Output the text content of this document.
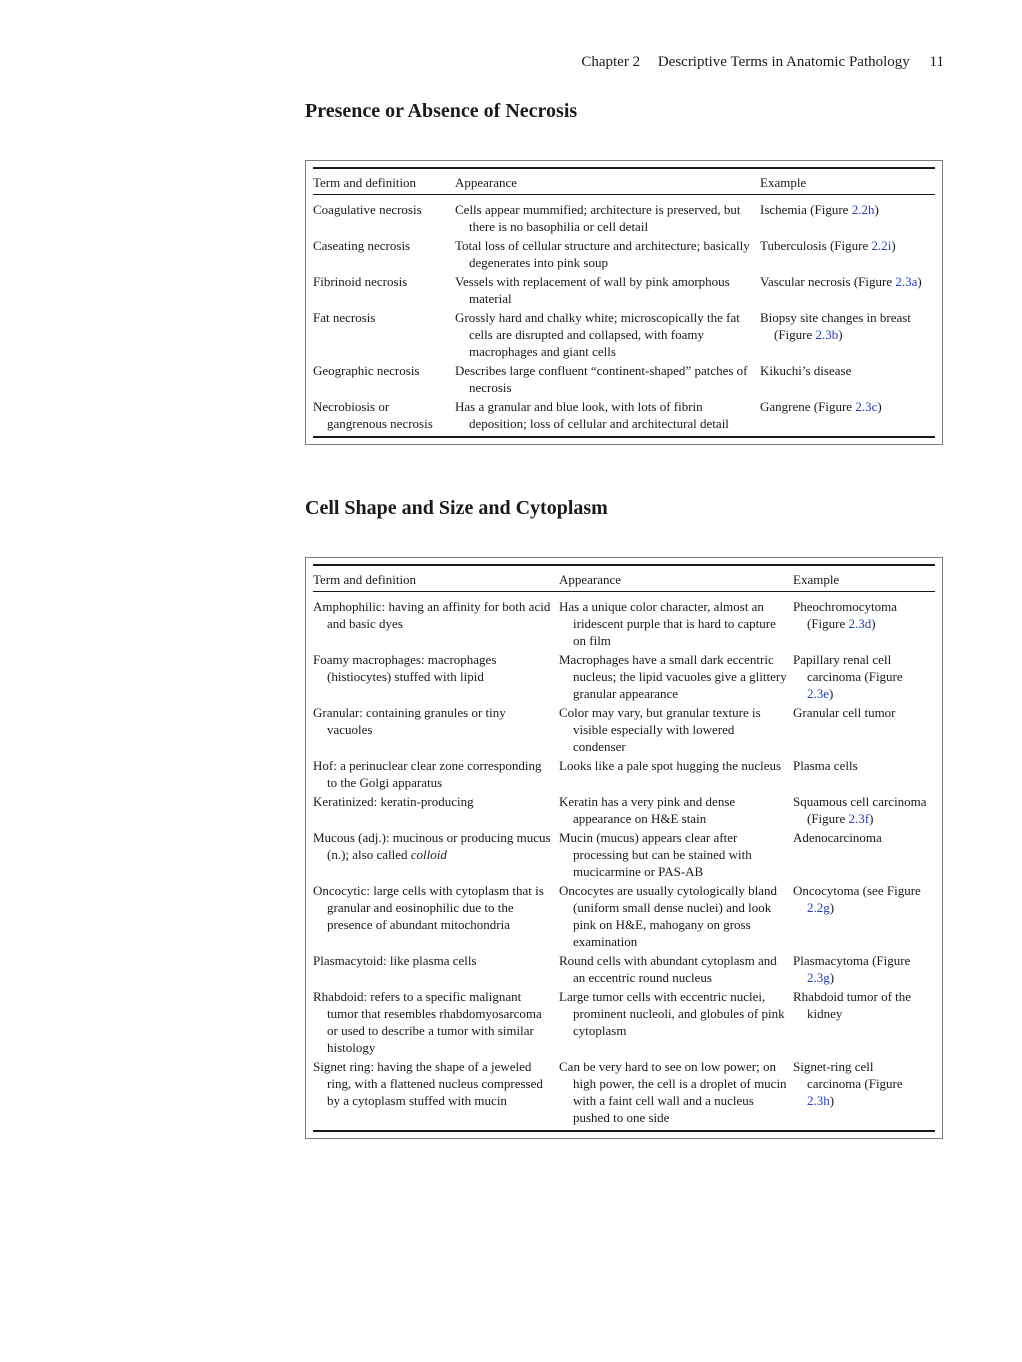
Chapter 2 Descriptive Terms in Anatomic Pathology 11
Presence or Absence of Necrosis
Term and definition	Appearance	Example

Coagulative necrosis	Cells appear mummified; architecture is preserved, but there is no basophilia or cell detail	Ischemia (Figure 2.2h)

Caseating necrosis	Total loss of cellular structure and architecture; basically degenerates into pink soup	Tuberculosis (Figure 2.2i)

Fibrinoid necrosis	Vessels with replacement of wall by pink amorphous material	Vascular necrosis (Figure 2.3a)

Fat necrosis	Grossly hard and chalky white; microscopically the fat cells are disrupted and collapsed, with foamy macrophages and giant cells	Biopsy site changes in breast (Figure 2.3b)

Geographic necrosis	Describes large confluent “continent-shaped” patches of necrosis	Kikuchi’s disease

Necrobiosis or gangrenous necrosis	Has a granular and blue look, with lots of fibrin deposition; loss of cellular and architectural detail	Gangrene (Figure 2.3c)
Cell Shape and Size and Cytoplasm
Term and definition	Appearance	Example

Amphophilic: having an affinity for both acid and basic dyes	Has a unique color character, almost an iridescent purple that is hard to capture on film	Pheochromocytoma (Figure 2.3d)

Foamy macrophages: macrophages (histiocytes) stuffed with lipid	Macrophages have a small dark eccentric nucleus; the lipid vacuoles give a glittery granular appearance	Papillary renal cell carcinoma (Figure 2.3e)

Granular: containing granules or tiny vacuoles	Color may vary, but granular texture is visible especially with lowered condenser	Granular cell tumor

Hof: a perinuclear clear zone corresponding to the Golgi apparatus	Looks like a pale spot hugging the nucleus	Plasma cells

Keratinized: keratin-producing	Keratin has a very pink and dense appearance on H&E stain	Squamous cell carcinoma (Figure 2.3f)

Mucous (adj.): mucinous or producing mucus (n.); also called colloid	Mucin (mucus) appears clear after processing but can be stained with mucicarmine or PAS-AB	Adenocarcinoma

Oncocytic: large cells with cytoplasm that is granular and eosinophilic due to the presence of abundant mitochondria	Oncocytes are usually cytologically bland (uniform small dense nuclei) and look pink on H&E, mahogany on gross examination	Oncocytoma (see Figure 2.2g)

Plasmacytoid: like plasma cells	Round cells with abundant cytoplasm and an eccentric round nucleus	Plasmacytoma (Figure 2.3g)

Rhabdoid: refers to a specific malignant tumor that resembles rhabdomyosarcoma or used to describe a tumor with similar histology	Large tumor cells with eccentric nuclei, prominent nucleoli, and globules of pink cytoplasm	Rhabdoid tumor of the kidney

Signet ring: having the shape of a jeweled ring, with a flattened nucleus compressed by a cytoplasm stuffed with mucin	Can be very hard to see on low power; on high power, the cell is a droplet of mucin with a faint cell wall and a nucleus pushed to one side	Signet-ring cell carcinoma (Figure 2.3h)
